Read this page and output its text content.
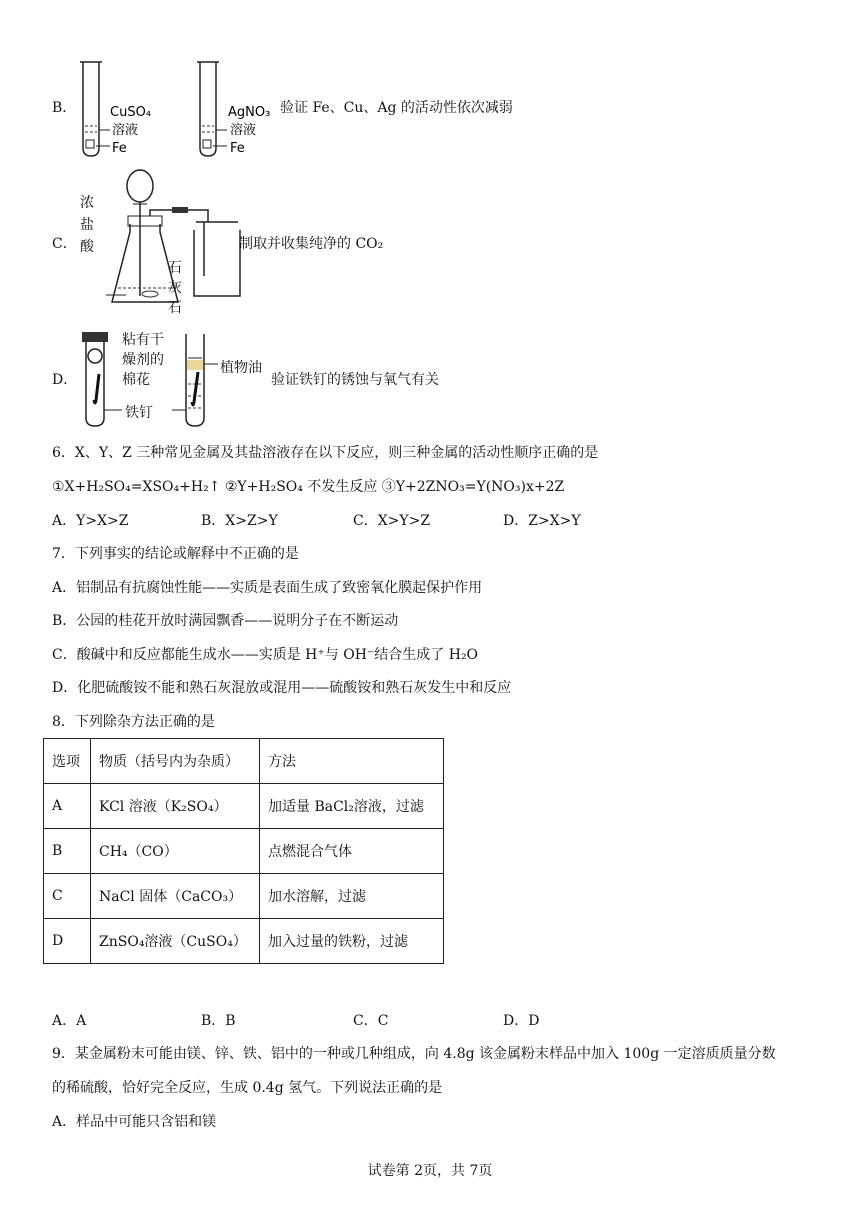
B．	CuSO₄
溶液
Fe
AgNO₃
溶液
Fe
验证 Fe、Cu、Ag 的活动性依次减弱
C．
浓
盐
酸
石
灰
石
制取并收集纯净的 CO₂
D．
粘有干
燥剂的
棉花
植物油
铁钉
验证铁钉的锈蚀与氧气有关
6．X、Y、Z 三种常见金属及其盐溶液存在以下反应，则三种金属的活动性顺序正确的是
①X+H₂SO₄=XSO₄+H₂↑ ②Y+H₂SO₄ 不发生反应 ③Y+2ZNO₃=Y(NO₃)x+2Z
A．Y>X>Z	B．X>Z>Y	C．X>Y>Z	D．Z>X>Y
7．下列事实的结论或解释中不正确的是
A．铝制品有抗腐蚀性能——实质是表面生成了致密氧化膜起保护作用
B．公园的桂花开放时满园飘香——说明分子在不断运动
C．酸碱中和反应都能生成水——实质是 H⁺与 OH⁻结合生成了 H₂O
D．化肥硫酸铵不能和熟石灰混放或混用——硫酸铵和熟石灰发生中和反应
8．下列除杂方法正确的是
选项	物质（括号内为杂质）	方法
A	KCl 溶液（K₂SO₄）	加适量 BaCl₂溶液，过滤
B	CH₄（CO）	点燃混合气体
C	NaCl 固体（CaCO₃）	加水溶解，过滤
D	ZnSO₄溶液（CuSO₄）	加入过量的铁粉，过滤
A．A	B．B	C．C	D．D
9．某金属粉末可能由镁、锌、铁、铝中的一种或几种组成，向 4.8g 该金属粉末样品中加入 100g 一定溶质质量分数
的稀硫酸，恰好完全反应，生成 0.4g 氢气。下列说法正确的是
A．样品中可能只含铝和镁
试卷第 2页，共 7页
